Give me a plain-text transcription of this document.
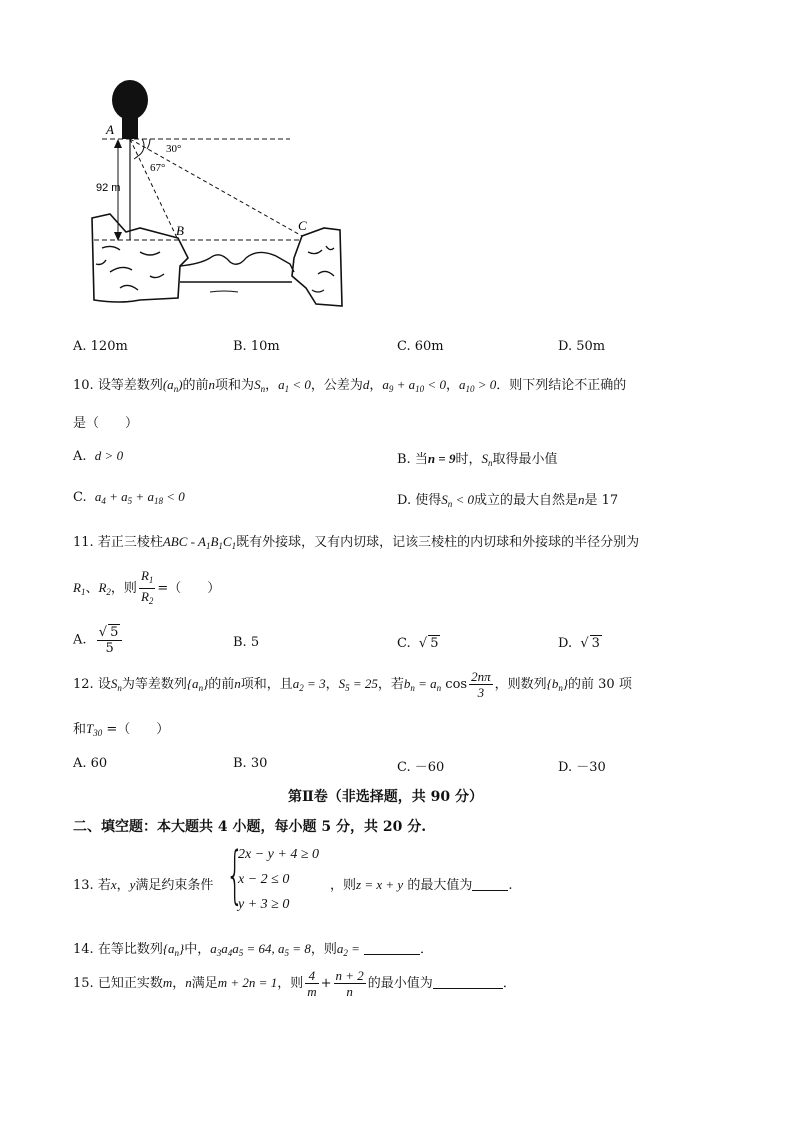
A
B	C
30°
67°
92 m
A. 120m	B. 10m	C. 60m	D. 50m
10. 设等差数列$(a_n)$的前n项和为$S_n$，$a_1 < 0$，公差为d，$a_9 + a_{10} < 0$，$a_{10} > 0$．则下列结论不正确的
是（　　）
A. d > 0	B. 当n = 9时，$S_n$取得最小值
C. $a_4 + a_5 + a_{18} < 0$	D. 使得$S_n < 0$成立的最大自然是n是 17
11. 若正三棱柱ABC - $A_1B_1C_1$既有外接球，又有内切球，记该三棱柱的内切球和外接球的半径分别为
$R_1$、$R_2$，则 $\frac{R_1}{R_2}$ =（　　）
A. $\frac{√ 5}{5}$	B. 5	C.  √ 5	D.  √ 3
12. 设$S_n$为等差数列$\{a_n\}$的前n项和，且$a_2 = 3$，$S_5 = 25$，若$b_n = a_n$ $\cos \frac{2n\pi}{3}$ ，则数列$\{b_n\}$的前 30 项
和$T_{30}$ =（　　）
A. 60	B. 30	C. －60	D. －30
第Ⅱ卷（非选择题，共 90 分）
二、填空题：本大题共 4 小题，每小题 5 分，共 20 分.
13. 若x，y满足约束条件 {
2x − y + 4 ≥ 0
x − 2 ≤ 0
y + 3 ≥ 0
，则z = x + y 的最大值为	.
14. 在等比数列$\{a_n\}$中，$a_3a_4a_5 = 64$, $a_5 = 8$，则$a_2$ =	．
15. 已知正实数m，n满足m + 2n = 1，则 $\frac{4}{m} + \frac{n + 2}{n}$ 的最小值为	．
